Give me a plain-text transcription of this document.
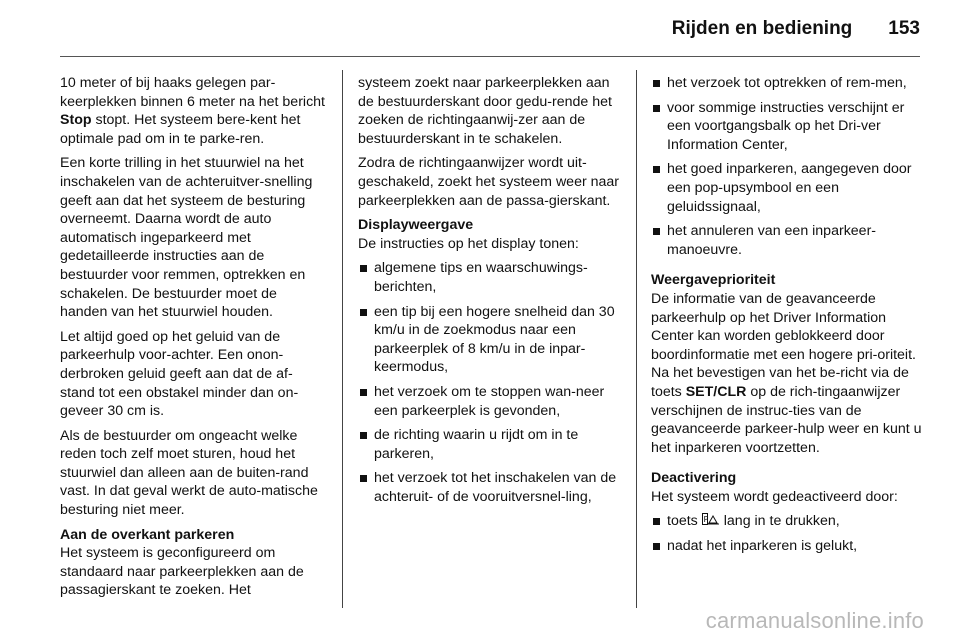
Rijden en bediening 153

10 meter of bij haaks gelegen par-keerplekken binnen 6 meter na het bericht Stop stopt. Het systeem bere-kent het optimale pad om in te parke-ren.

Een korte trilling in het stuurwiel na het inschakelen van de achteruitver-snelling geeft aan dat het systeem de besturing overneemt. Daarna wordt de auto automatisch ingeparkeerd met gedetailleerde instructies aan de bestuurder voor remmen, optrekken en schakelen. De bestuurder moet de handen van het stuurwiel houden.

Let altijd goed op het geluid van de parkeerhulp voor-achter. Een onon-derbroken geluid geeft aan dat de af-stand tot een obstakel minder dan on-geveer 30 cm is.

Als de bestuurder om ongeacht welke reden toch zelf moet sturen, houd het stuurwiel dan alleen aan de buiten-rand vast. In dat geval werkt de auto-matische besturing niet meer.

Aan de overkant parkeren

Het systeem is geconfigureerd om standaard naar parkeerplekken aan de passagierskant te zoeken. Het

systeem zoekt naar parkeerplekken aan de bestuurderskant door gedu-rende het zoeken de richtingaanwij-zer aan de bestuurderskant in te schakelen.

Zodra de richtingaanwijzer wordt uit-geschakeld, zoekt het systeem weer naar parkeerplekken aan de passa-gierskant.

Displayweergave

De instructies op het display tonen:

algemene tips en waarschuwings-berichten,
een tip bij een hogere snelheid dan 30 km/u in de zoekmodus naar een parkeerplek of 8 km/u in de inpar-keermodus,
het verzoek om te stoppen wan-neer een parkeerplek is gevonden,
de richting waarin u rijdt om in te parkeren,
het verzoek tot het inschakelen van de achteruit- of de vooruitversnel-ling,
het verzoek tot optrekken of rem-men,
voor sommige instructies verschijnt er een voortgangsbalk op het Dri-ver Information Center,
het goed inparkeren, aangegeven door een pop-upsymbool en een geluidssignaal,
het annuleren van een inparkeer-manoeuvre.
Weergaveprioriteit

De informatie van de geavanceerde parkeerhulp op het Driver Information Center kan worden geblokkeerd door boordinformatie met een hogere pri-oriteit. Na het bevestigen van het be-richt via de toets SET/CLR op de rich-tingaanwijzer verschijnen de instruc-ties van de geavanceerde parkeer-hulp weer en kunt u het inparkeren voortzetten.

Deactivering

Het systeem wordt gedeactiveerd door:

toets P lang in te drukken,
nadat het inparkeren is gelukt,
carmanualsonline.info
